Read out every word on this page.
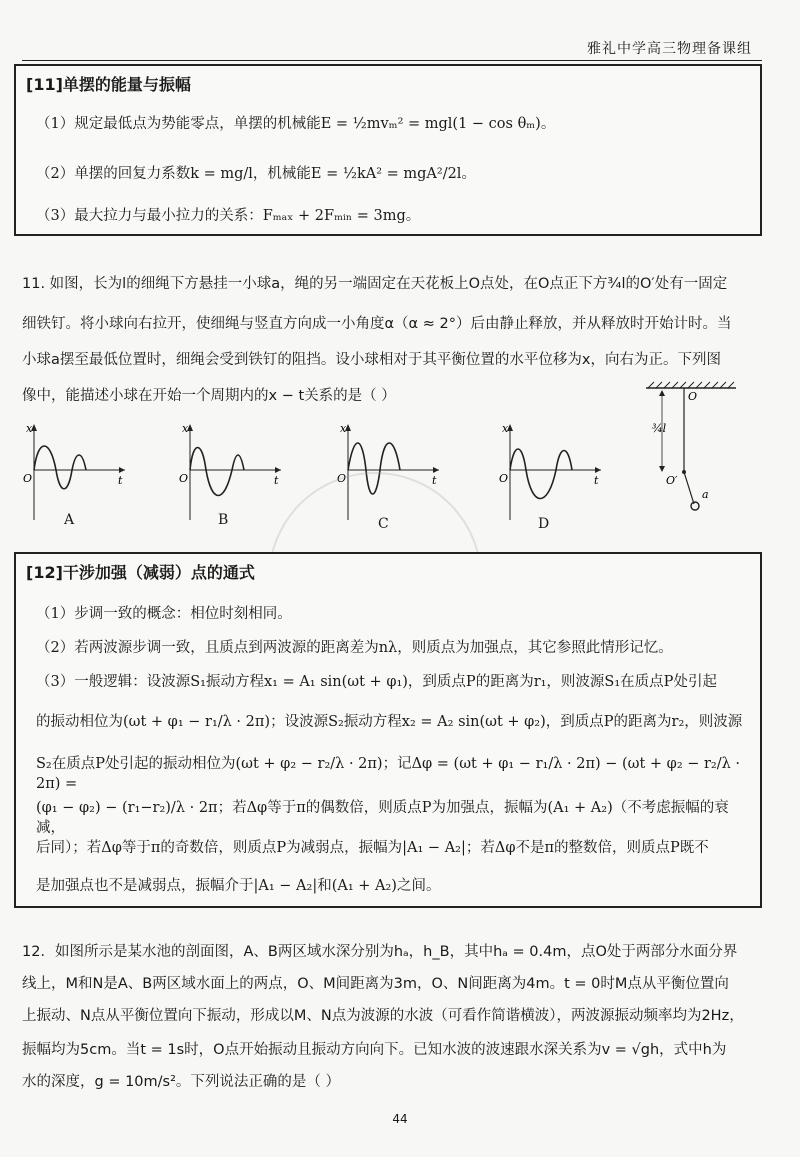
雅礼中学高三物理备课组
[11]单摆的能量与振幅
（1）规定最低点为势能零点，单摆的机械能E = ½mvₘ² = mgl(1 − cos θₘ)。
（2）单摆的回复力系数k = mg/l，机械能E = ½kA² = mgA²/2l。
（3）最大拉力与最小拉力的关系：Fₘₐₓ + 2Fₘᵢₙ = 3mg。
11. 如图，长为l的细绳下方悬挂一小球a，绳的另一端固定在天花板上O点处，在O点正下方¾l的O′处有一固定
细铁钉。将小球向右拉开，使细绳与竖直方向成一小角度α（α ≈ 2°）后由静止释放，并从释放时开始计时。当
小球a摆至最低位置时，细绳会受到铁钉的阻挡。设小球相对于其平衡位置的水平位移为x，向右为正。下列图
像中，能描述小球在开始一个周期内的x − t关系的是（ ）
x
O	t
x
O	t
x
O	t
x
O	t
A	B	C	D
O
¾l
O′
a
[12]干涉加强（减弱）点的通式
（1）步调一致的概念：相位时刻相同。
（2）若两波源步调一致，且质点到两波源的距离差为nλ，则质点为加强点，其它参照此情形记忆。
（3）一般逻辑：设波源S₁振动方程x₁ = A₁ sin(ωt + φ₁)，到质点P的距离为r₁，则波源S₁在质点P处引起
的振动相位为(ωt + φ₁ − r₁/λ · 2π)；设波源S₂振动方程x₂ = A₂ sin(ωt + φ₂)，到质点P的距离为r₂，则波源
S₂在质点P处引起的振动相位为(ωt + φ₂ − r₂/λ · 2π)；记Δφ = (ωt + φ₁ − r₁/λ · 2π) − (ωt + φ₂ − r₂/λ · 2π) =
(φ₁ − φ₂) − (r₁−r₂)/λ · 2π；若Δφ等于π的偶数倍，则质点P为加强点，振幅为(A₁ + A₂)（不考虑振幅的衰减，
后同）；若Δφ等于π的奇数倍，则质点P为减弱点，振幅为|A₁ − A₂|；若Δφ不是π的整数倍，则质点P既不
是加强点也不是减弱点，振幅介于|A₁ − A₂|和(A₁ + A₂)之间。
12．如图所示是某水池的剖面图，A、B两区域水深分别为hₐ，h_B，其中hₐ = 0.4m，点O处于两部分水面分界
线上，M和N是A、B两区域水面上的两点，O、M间距离为3m，O、N间距离为4m。t = 0时M点从平衡位置向
上振动、N点从平衡位置向下振动，形成以M、N点为波源的水波（可看作简谐横波），两波源振动频率均为2Hz，
振幅均为5cm。当t = 1s时，O点开始振动且振动方向向下。已知水波的波速跟水深关系为v = √gh，式中h为
水的深度，g = 10m/s²。下列说法正确的是（ ）
44
